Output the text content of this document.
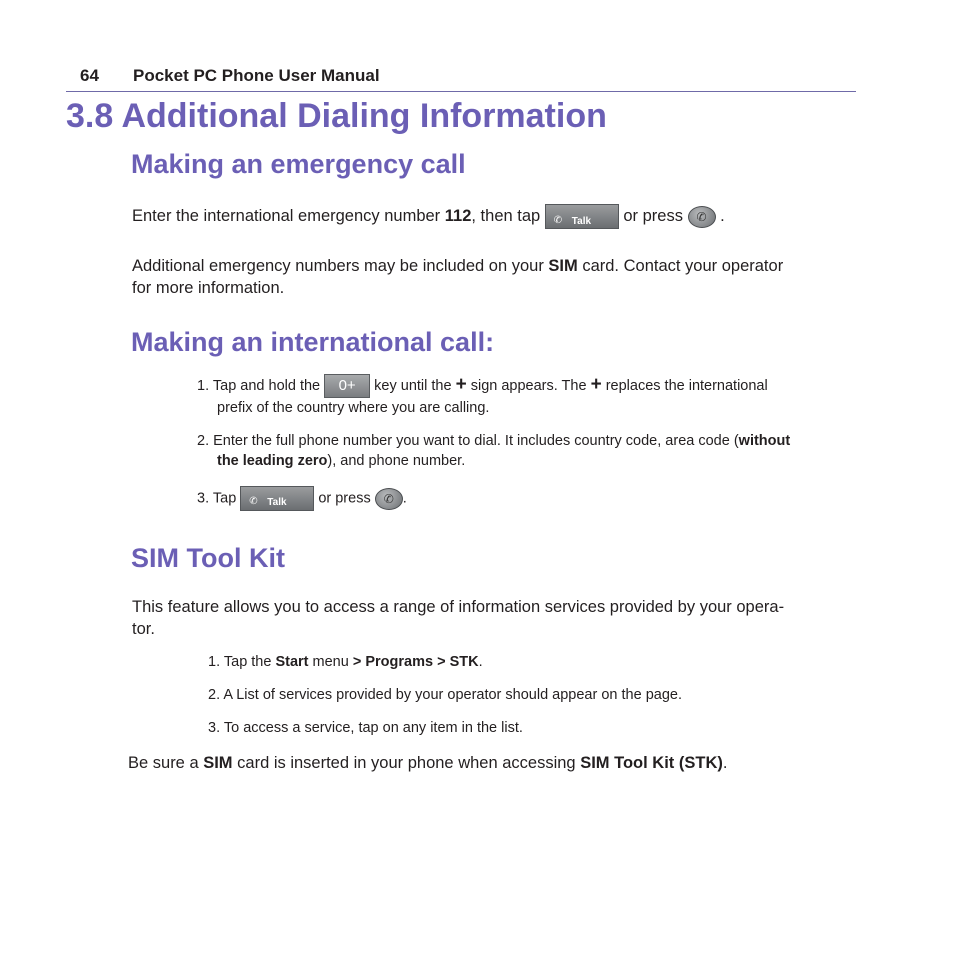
64 Pocket PC Phone User Manual
3.8 Additional Dialing Information
Making an emergency call
Enter the international emergency number 112, then tap ✆ Talk or press ✆ .
Additional emergency numbers may be included on your SIM card. Contact your operator
for more information.
Making an international call:
1. Tap and hold the 0+ key until the + sign appears. The + replaces the international
prefix of the country where you are calling.
2. Enter the full phone number you want to dial. It includes country code, area code (without
the leading zero), and phone number.
3. Tap ✆ Talk or press ✆ .
SIM Tool Kit
This feature allows you to access a range of information services provided by your opera-
tor.
1. Tap the Start menu > Programs > STK.
2. A List of services provided by your operator should appear on the page.
3. To access a service, tap on any item in the list.
Be sure a SIM card is inserted in your phone when accessing SIM Tool Kit (STK).
